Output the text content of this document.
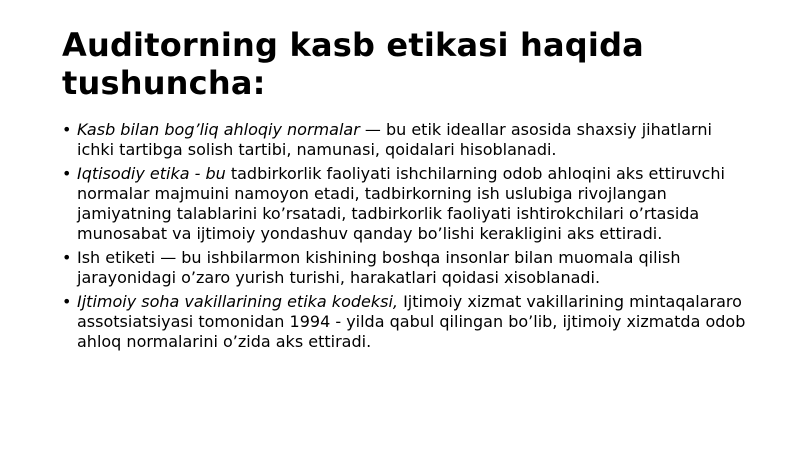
Auditorning kasb etikasi haqida tushuncha:
• Kasb bilan bog’liq ahloqiy normalar — bu etik ideallar asosida shaxsiy jihatlarni ichki tartibga solish tartibi, namunasi, qoidalari hisoblanadi.
• Iqtisodiy etika - bu tadbirkorlik faoliyati ishchilarning odob ahloqini aks ettiruvchi normalar majmuini namoyon etadi, tadbirkorning ish uslubiga rivojlangan jamiyatning talablarini ko’rsatadi, tadbirkorlik faoliyati ishtirokchilari o’rtasida munosabat va ijtimoiy yondashuv qanday bo’lishi kerakligini aks ettiradi.
• Ish etiketi — bu ishbilarmon kishining boshqa insonlar bilan muomala qilish jarayonidagi o’zaro yurish turishi, harakatlari qoidasi xisoblanadi.
• Ijtimoiy soha vakillarining etika kodeksi, Ijtimoiy xizmat vakillarining mintaqalararo assotsiatsiyasi tomonidan 1994 - yilda qabul qilingan bo’lib, ijtimoiy xizmatda odob ahloq normalarini o’zida aks ettiradi.
